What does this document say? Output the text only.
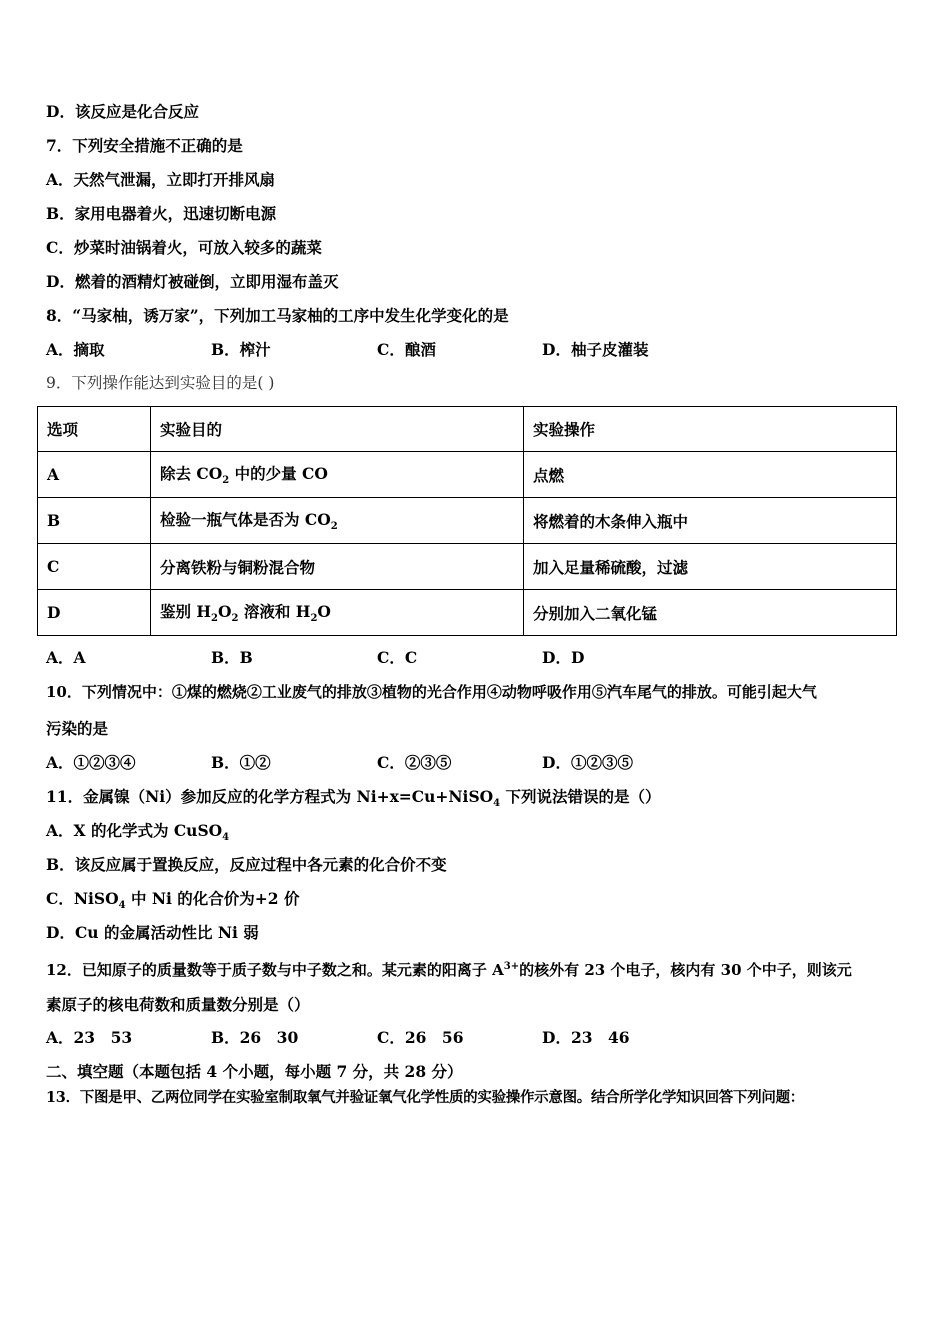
D．该反应是化合反应
7．下列安全措施不正确的是
A．天然气泄漏，立即打开排风扇
B．家用电器着火，迅速切断电源
C．炒菜时油锅着火，可放入较多的蔬菜
D．燃着的酒精灯被碰倒，立即用湿布盖灭
8．“马家柚，诱万家”，下列加工马家柚的工序中发生化学变化的是
A．摘取	B．榨汁	C．酿酒	D．柚子皮灌装
9．下列操作能达到实验目的是( )
选项	实验目的	实验操作
A	除去 $CO_2$ 中的少量 CO	点燃
B	检验一瓶气体是否为 $CO_2$	将燃着的木条伸入瓶中
C	分离铁粉与铜粉混合物	加入足量稀硫酸，过滤
D	鉴别 $H_2O_2$ 溶液和 $H_2O$	分别加入二氧化锰
A．A	B．B	C．C	D．D
10．下列情况中：①煤的燃烧②工业废气的排放③植物的光合作用④动物呼吸作用⑤汽车尾气的排放。可能引起大气
污染的是
A．①②③④	B．①②	C．②③⑤	D．①②③⑤
11．金属镍（Ni）参加反应的化学方程式为 Ni+x=Cu+NiSO$_4$ 下列说法错误的是（）
A．X 的化学式为 CuSO$_4$
B．该反应属于置换反应，反应过程中各元素的化合价不变
C．NiSO$_4$ 中 Ni 的化合价为+2 价
D．Cu 的金属活动性比 Ni 弱
12．已知原子的质量数等于质子数与中子数之和。某元素的阳离子 $A^{3+}$的核外有 23 个电子，核内有 30 个中子，则该元
素原子的核电荷数和质量数分别是（）
A．23　53	B．26　30	C．26　56	D．23　46
二、填空题（本题包括 4 个小题，每小题 7 分，共 28 分）
13．下图是甲、乙两位同学在实验室制取氧气并验证氧气化学性质的实验操作示意图。结合所学化学知识回答下列问题：
